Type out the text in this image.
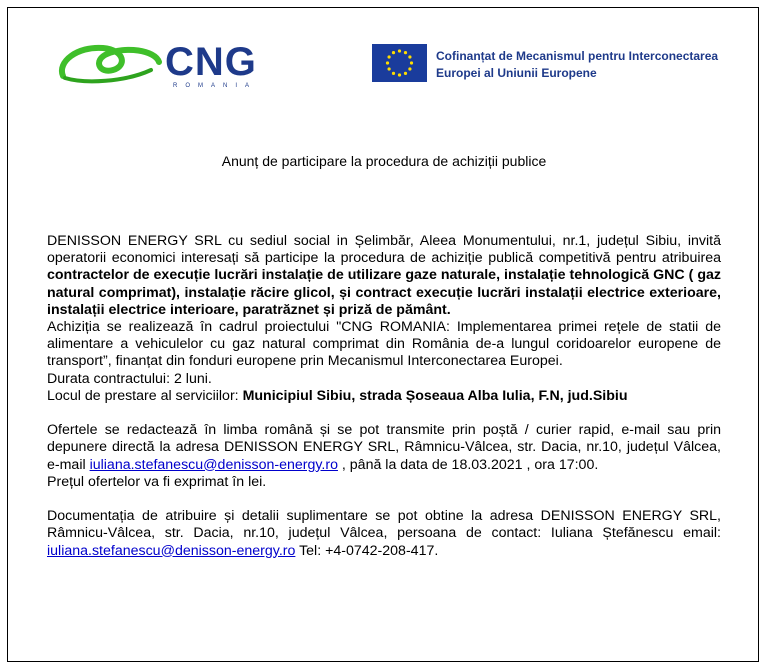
CNG
ROMANIA
Cofinanțat de Mecanismul pentru Interconectarea
Europei al Uniunii Europene
Anunț de participare la procedura de achiziții publice

DENISSON ENERGY SRL cu sediul social in Șelimbăr, Aleea Monumentului, nr.1, județul Sibiu, invită operatorii economici interesați să participe la procedura de achiziție publică competitivă pentru atribuirea contractelor de execuție lucrări instalație de utilizare gaze naturale, instalație tehnologică GNC ( gaz natural comprimat), instalație răcire glicol, și contract execuție lucrări instalații electrice exterioare, instalații electrice interioare, paratrăznet și priză de pământ.

Achiziția se realizează în cadrul proiectului "CNG ROMANIA: Implementarea primei rețele de statii de alimentare a vehiculelor cu gaz natural comprimat din România de-a lungul coridoarelor europene de transport”, finanțat din fonduri europene prin Mecanismul Interconectarea Europei.

Durata contractului: 2 luni.

Locul de prestare al serviciilor: Municipiul Sibiu, strada Șoseaua Alba Iulia, F.N, jud.Sibiu

Ofertele se redactează în limba română și se pot transmite prin poștă / curier rapid, e-mail sau prin depunere directă la adresa DENISSON ENERGY SRL, Râmnicu-Vâlcea, str. Dacia, nr.10, județul Vâlcea, e-mail iuliana.stefanescu@denisson-energy.ro , până la data de 18.03.2021 , ora 17:00.

Prețul ofertelor va fi exprimat în lei.

Documentația de atribuire și detalii suplimentare se pot obtine la adresa DENISSON ENERGY SRL, Râmnicu-Vâlcea, str. Dacia, nr.10, județul Vâlcea, persoana de contact: Iuliana Ștefănescu email: iuliana.stefanescu@denisson-energy.ro Tel: +4-0742-208-417.
